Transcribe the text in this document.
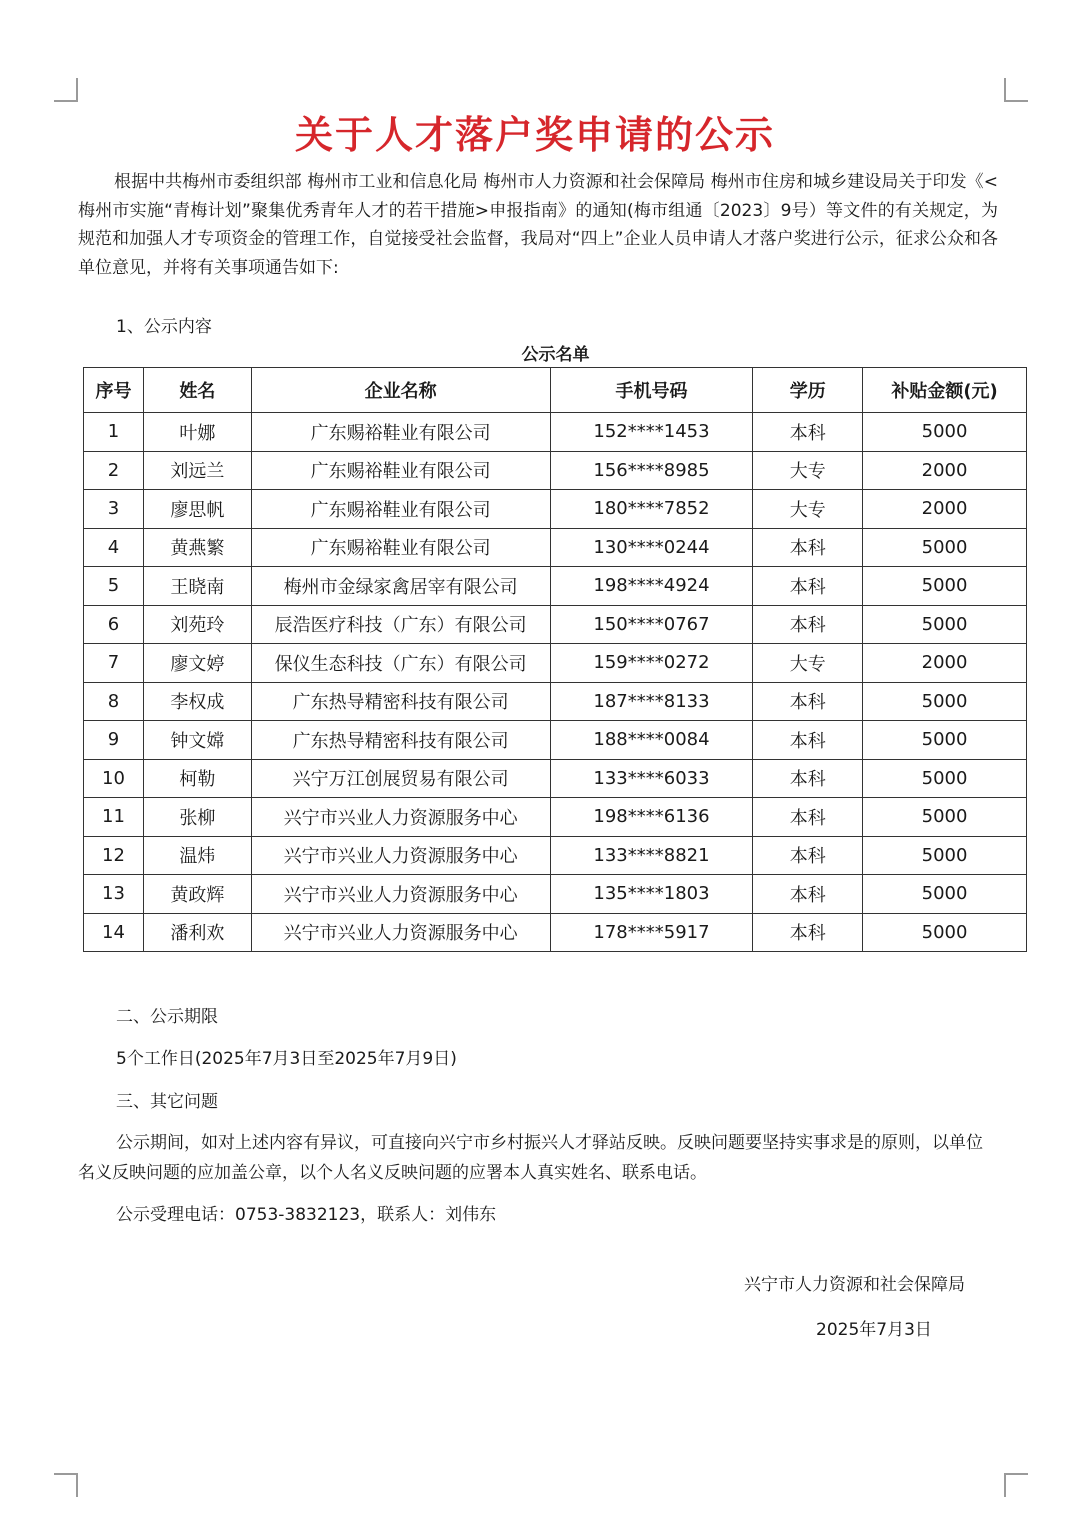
关于人才落户奖申请的公示
根据中共梅州市委组织部 梅州市工业和信息化局 梅州市人力资源和社会保障局 梅州市住房和城乡建设局关于印发《<梅州市实施“青梅计划”聚集优秀青年人才的若干措施>申报指南》的通知(梅市组通〔2023〕9号）等文件的有关规定，为规范和加强人才专项资金的管理工作，自觉接受社会监督，我局对“四上”企业人员申请人才落户奖进行公示，征求公众和各单位意见，并将有关事项通告如下:
1、公示内容
公示名单
序号	姓名	企业名称	手机号码	学历	补贴金额(元)
1	叶娜	广东赐裕鞋业有限公司	152****1453	本科	5000
2	刘远兰	广东赐裕鞋业有限公司	156****8985	大专	2000
3	廖思帆	广东赐裕鞋业有限公司	180****7852	大专	2000
4	黄燕繁	广东赐裕鞋业有限公司	130****0244	本科	5000
5	王晓南	梅州市金绿家禽居宰有限公司	198****4924	本科	5000
6	刘苑玲	辰浩医疗科技（广东）有限公司	150****0767	本科	5000
7	廖文婷	保仪生态科技（广东）有限公司	159****0272	大专	2000
8	李权成	广东热导精密科技有限公司	187****8133	本科	5000
9	钟文嫦	广东热导精密科技有限公司	188****0084	本科	5000
10	柯勒	兴宁万江创展贸易有限公司	133****6033	本科	5000
11	张柳	兴宁市兴业人力资源服务中心	198****6136	本科	5000
12	温炜	兴宁市兴业人力资源服务中心	133****8821	本科	5000
13	黄政辉	兴宁市兴业人力资源服务中心	135****1803	本科	5000
14	潘利欢	兴宁市兴业人力资源服务中心	178****5917	本科	5000
二、公示期限
5个工作日(2025年7月3日至2025年7月9日)
三、其它问题
公示期间，如对上述内容有异议，可直接向兴宁市乡村振兴人才驿站反映。反映问题要坚持实事求是的原则，以单位名义反映问题的应加盖公章，以个人名义反映问题的应署本人真实姓名、联系电话。
公示受理电话：0753-3832123，联系人：刘伟东
兴宁市人力资源和社会保障局
2025年7月3日
